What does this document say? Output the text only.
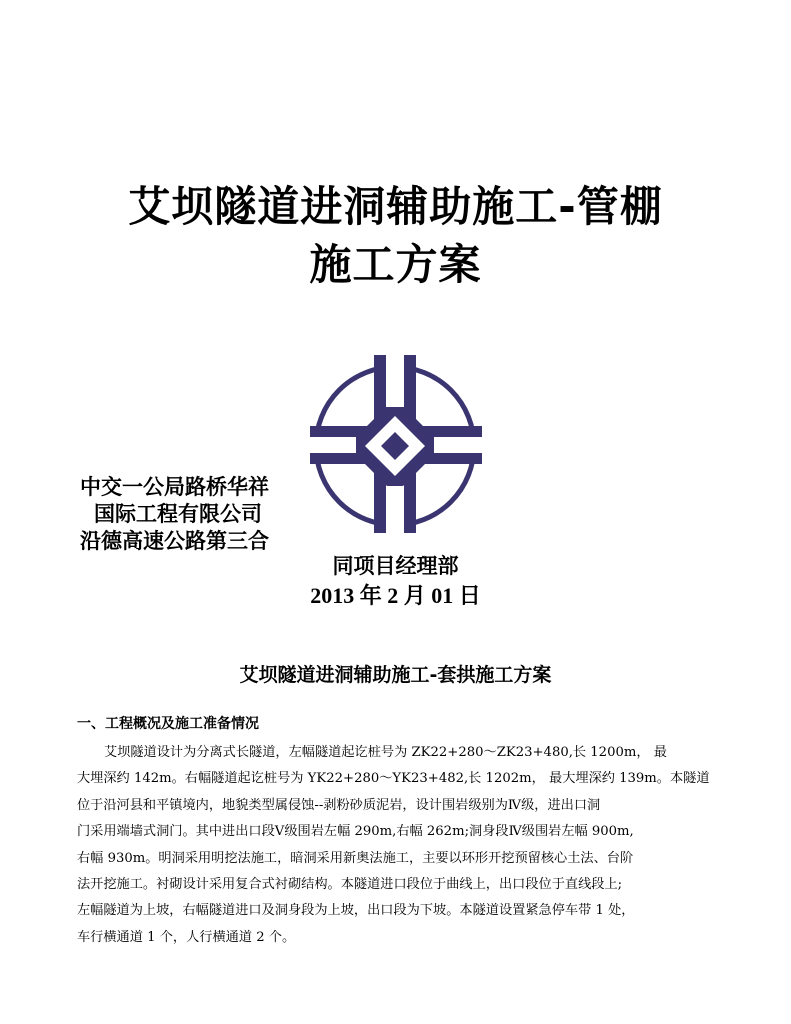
艾坝隧道进洞辅助施工-管棚
施工方案
中交一公局路桥华祥
国际工程有限公司
沿德高速公路第三合
同项目经理部
2013 年 2 月 01 日
艾坝隧道进洞辅助施工-套拱施工方案
一、工程概况及施工准备情况
艾坝隧道设计为分离式长隧道，左幅隧道起讫桩号为 ZK22+280～ZK23+480,长 1200m， 最
大埋深约 142m。右幅隧道起讫桩号为 YK22+280～YK23+482,长 1202m， 最大埋深约 139m。本隧道
位于沿河县和平镇境内，地貌类型属侵蚀--剥粉砂质泥岩，设计围岩级别为Ⅳ级，进出口洞
门采用端墙式洞门。其中进出口段Ⅴ级围岩左幅 290m,右幅 262m;洞身段Ⅳ级围岩左幅 900m,
右幅 930m。明洞采用明挖法施工，暗洞采用新奥法施工，主要以环形开挖预留核心土法、台阶
法开挖施工。衬砌设计采用复合式衬砌结构。本隧道进口段位于曲线上，出口段位于直线段上;
左幅隧道为上坡，右幅隧道进口及洞身段为上坡，出口段为下坡。本隧道设置紧急停车带 1 处，
车行横通道 1 个，人行横通道 2 个。
